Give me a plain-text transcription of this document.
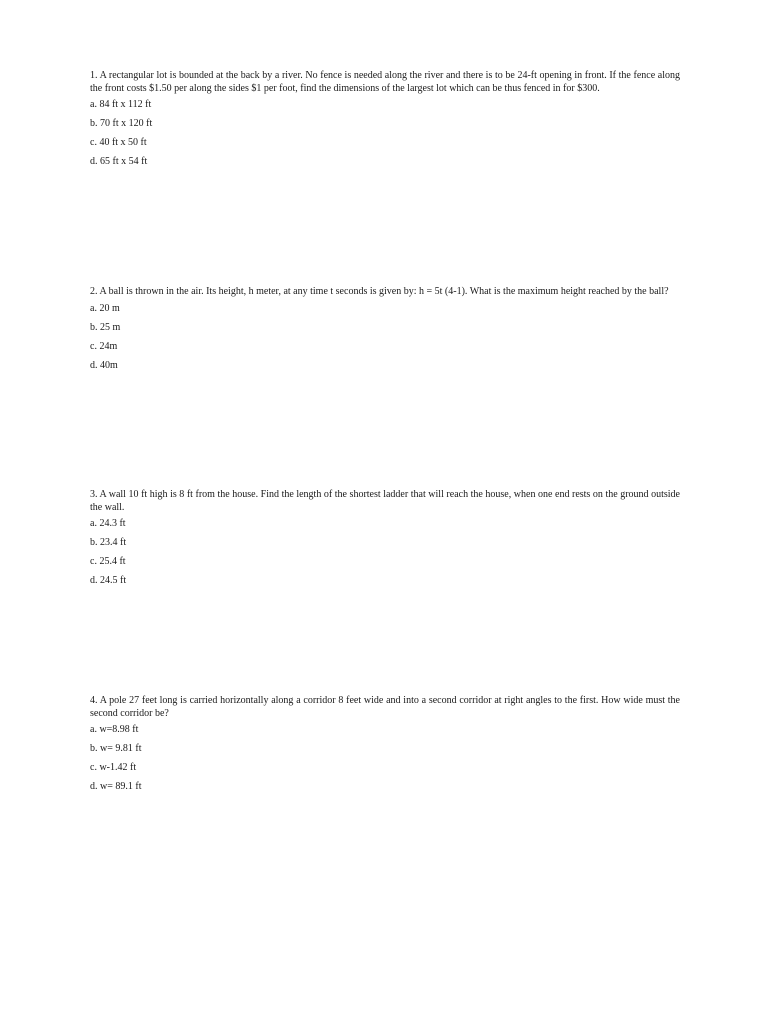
1. A rectangular lot is bounded at the back by a river. No fence is needed along the river and there is to be 24-ft opening in front. If the fence along the front costs $1.50 per along the sides $1 per foot, find the dimensions of the largest lot which can be thus fenced in for $300.

a. 84 ft x 112 ft
b. 70 ft x 120 ft
c. 40 ft x 50 ft
d. 65 ft x 54 ft

2. A ball is thrown in the air. Its height, h meter, at any time t seconds is given by: h = 5t (4-1). What is the maximum height reached by the ball?

a. 20 m
b. 25 m
c. 24m
d. 40m

3. A wall 10 ft high is 8 ft from the house. Find the length of the shortest ladder that will reach the house, when one end rests on the ground outside the wall.

a. 24.3 ft
b. 23.4 ft
c. 25.4 ft
d. 24.5 ft

4. A pole 27 feet long is carried horizontally along a corridor 8 feet wide and into a second corridor at right angles to the first. How wide must the second corridor be?

a. w=8.98 ft
b. w= 9.81 ft
c. w-1.42 ft
d. w= 89.1 ft
